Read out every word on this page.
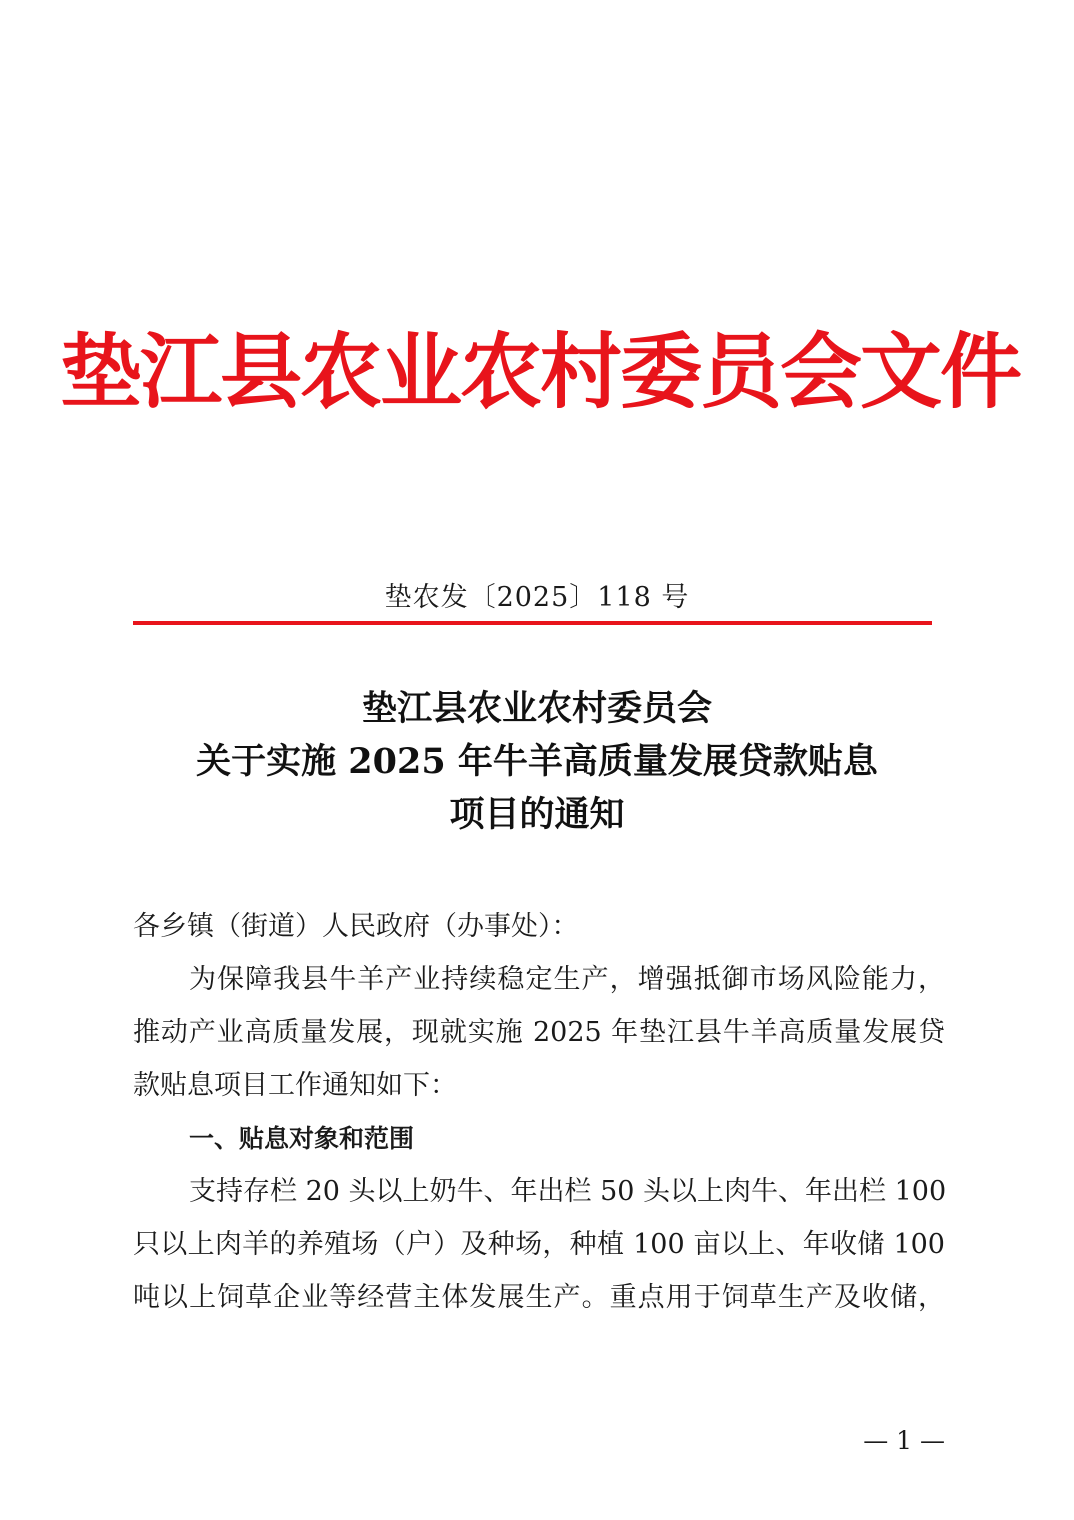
垫江县农业农村委员会文件
垫农发〔2025〕118 号
垫江县农业农村委员会
关于实施 2025 年牛羊高质量发展贷款贴息
项目的通知
各乡镇（街道）人民政府（办事处）：
为保障我县牛羊产业持续稳定生产，增强抵御市场风险能力，
推动产业高质量发展，现就实施 2025 年垫江县牛羊高质量发展贷
款贴息项目工作通知如下：
一、贴息对象和范围
支持存栏 20 头以上奶牛、年出栏 50 头以上肉牛、年出栏 100
只以上肉羊的养殖场（户）及种场，种植 100 亩以上、年收储 100
吨以上饲草企业等经营主体发展生产。重点用于饲草生产及收储，
— 1 —
